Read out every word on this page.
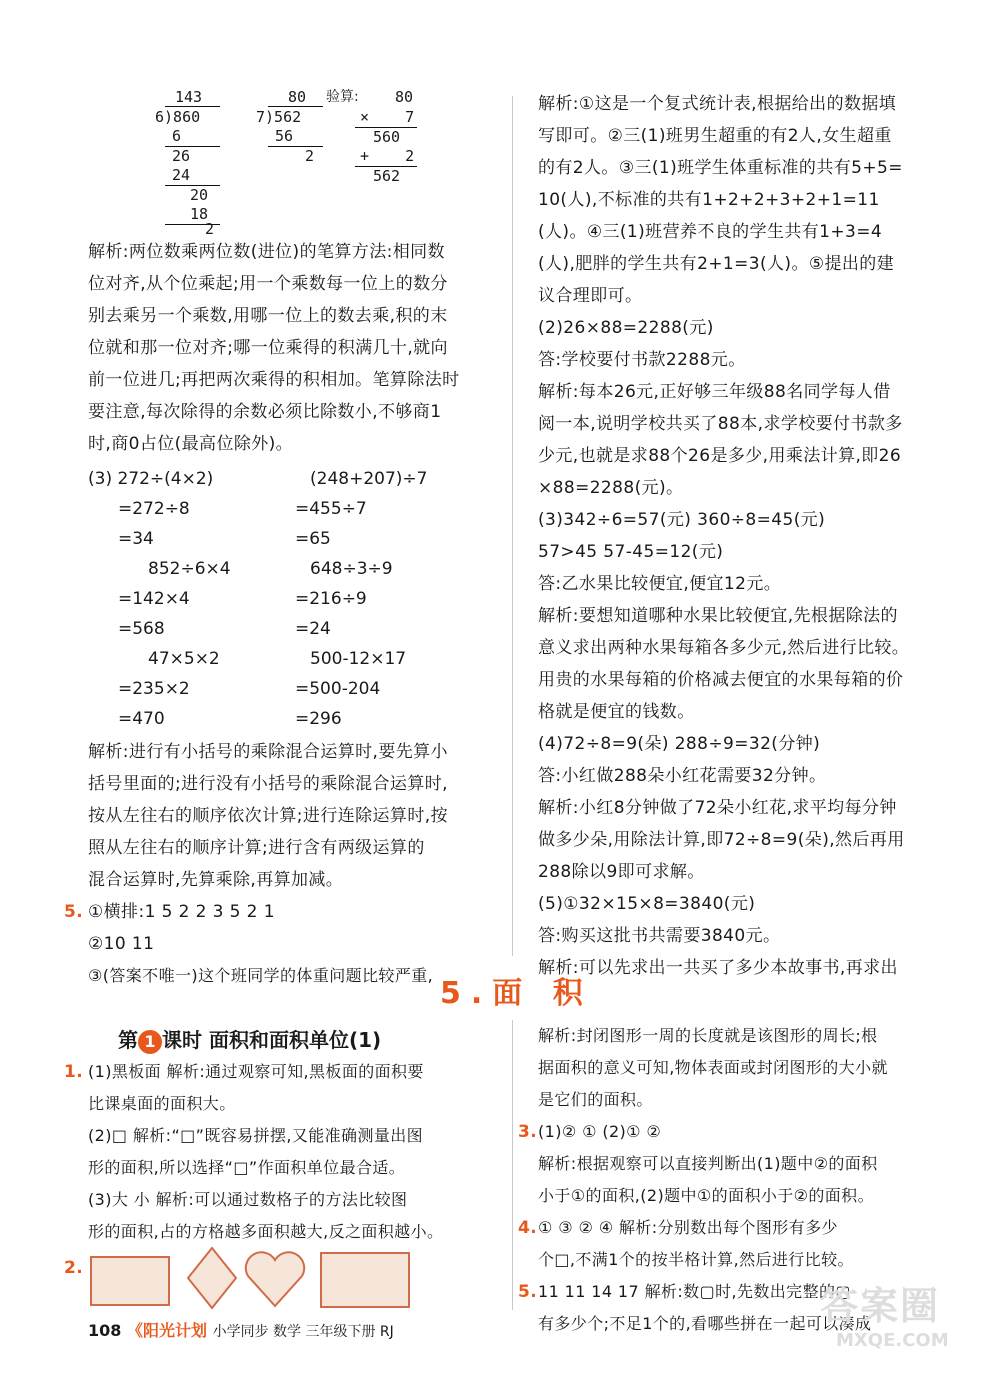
143
6)860
6
26
24
20
18
2
80
7)562
56
2
验算: 80
×    7
560
+    2
562
解析:两位数乘两位数(进位)的笔算方法:相同数
位对齐,从个位乘起;用一个乘数每一位上的数分
别去乘另一个乘数,用哪一位上的数去乘,积的末
位就和那一位对齐;哪一位乘得的积满几十,就向
前一位进几;再把两次乘得的积相加。笔算除法时
要注意,每次除得的余数必须比除数小,不够商1
时,商0占位(最高位除外)。
(3) 272÷(4×2)	(248+207)÷7
=272÷8	=455÷7
=34	=65
852÷6×4	648÷3÷9
=142×4	=216÷9
=568	=24
47×5×2	500-12×17
=235×2	=500-204
=470	=296
解析:进行有小括号的乘除混合运算时,要先算小
括号里面的;进行没有小括号的乘除混合运算时,
按从左往右的顺序依次计算;进行连除运算时,按
照从左往右的顺序计算;进行含有两级运算的
混合运算时,先算乘除,再算加减。
5. ①横排:1 5 2 2 3 5 2 1
②10 11
③(答案不唯一)这个班同学的体重问题比较严重,
解析:①这是一个复式统计表,根据给出的数据填
写即可。②三(1)班男生超重的有2人,女生超重
的有2人。③三(1)班学生体重标准的共有5+5=
10(人),不标准的共有1+2+2+3+2+1=11
(人)。④三(1)班营养不良的学生共有1+3=4
(人),肥胖的学生共有2+1=3(人)。⑤提出的建
议合理即可。
(2)26×88=2288(元)
答:学校要付书款2288元。
解析:每本26元,正好够三年级88名同学每人借
阅一本,说明学校共买了88本,求学校要付书款多
少元,也就是求88个26是多少,用乘法计算,即26
×88=2288(元)。
(3)342÷6=57(元) 360÷8=45(元)
57>45 57-45=12(元)
答:乙水果比较便宜,便宜12元。
解析:要想知道哪种水果比较便宜,先根据除法的
意义求出两种水果每箱各多少元,然后进行比较。
用贵的水果每箱的价格减去便宜的水果每箱的价
格就是便宜的钱数。
(4)72÷8=9(朵) 288÷9=32(分钟)
答:小红做288朵小红花需要32分钟。
解析:小红8分钟做了72朵小红花,求平均每分钟
做多少朵,用除法计算,即72÷8=9(朵),然后再用
288除以9即可求解。
(5)①32×15×8=3840(元)
答:购买这批书共需要3840元。
5.面 积
第 1 课时 面积和面积单位(1)
1. (1)黑板面 解析:通过观察可知,黑板面的面积要
比课桌面的面积大。
(2)□ 解析:“□”既容易拼摆,又能准确测量出图
形的面积,所以选择“□”作面积单位最合适。
(3)大 小 解析:可以通过数格子的方法比较图
形的面积,占的方格越多面积越大,反之面积越小。
2.
解析:封闭图形一周的长度就是该图形的周长;根
据面积的意义可知,物体表面或封闭图形的大小就
是它们的面积。
3. (1)② ① (2)① ②
解析:根据观察可以直接判断出(1)题中②的面积
小于①的面积,(2)题中①的面积小于②的面积。
4. ① ③ ② ④ 解析:分别数出每个图形有多少
个□,不满1个的按半格计算,然后进行比较。
5. 11 11 14 17 解析:数▢时,先数出完整的▢
有多少个;不足1个的,看哪些拼在一起可以凑成
108 《阳光计划 小学同步 数学 三年级下册 RJ
答案圈
MXQE.COM
解析:可以先求出一共买了多少本故事书,再求出
